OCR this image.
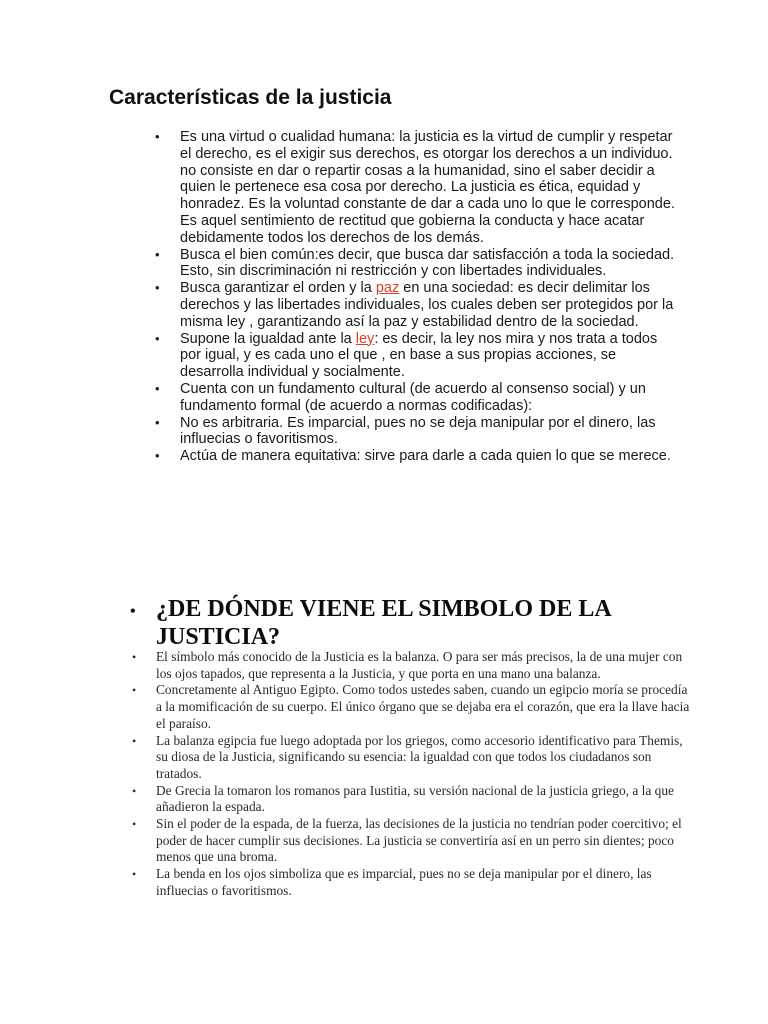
Características de la justicia
• Es una virtud o cualidad humana: la justicia es la virtud de cumplir y respetar el derecho, es el exigir sus derechos, es otorgar los derechos a un individuo. no consiste en dar o repartir cosas a la humanidad, sino el saber decidir a quien le pertenece esa cosa por derecho. La justicia es ética, equidad y honradez. Es la voluntad constante de dar a cada uno lo que le corresponde. Es aquel sentimiento de rectitud que gobierna la conducta y hace acatar debidamente todos los derechos de los demás.
• Busca el bien común:es decir, que busca dar satisfacción a toda la sociedad. Esto, sin discriminación ni restricción y con libertades individuales.
• Busca garantizar el orden y la paz en una sociedad: es decir delimitar los derechos y las libertades individuales, los cuales deben ser protegidos por la misma ley , garantizando así la paz y estabilidad dentro de la sociedad.
• Supone la igualdad ante la ley: es decir, la ley nos mira y nos trata a todos por igual, y es cada uno el que , en base a sus propias acciones, se desarrolla individual y socialmente.
• Cuenta con un fundamento cultural (de acuerdo al consenso social) y un fundamento formal (de acuerdo a normas codificadas):
• No es arbitraria. Es imparcial, pues no se deja manipular por el dinero, las influecias o favoritismos.
• Actúa de manera equitativa: sirve para darle a cada quien lo que se merece.
• ¿DE DÓNDE VIENE EL SIMBOLO DE LA JUSTICIA?
• El símbolo más conocido de la Justicia es la balanza. O para ser más precisos, la de una mujer con los ojos tapados, que representa a la Justicia, y que porta en una mano una balanza.
• Concretamente al Antiguo Egipto. Como todos ustedes saben, cuando un egipcio moría se procedía a la momificación de su cuerpo. El único órgano que se dejaba era el corazón, que era la llave hacia el paraíso.
• La balanza egipcia fue luego adoptada por los griegos, como accesorio identificativo para Themis, su diosa de la Justicia, significando su esencia: la igualdad con que todos los ciudadanos son tratados.
• De Grecia la tomaron los romanos para Iustitia, su versión nacional de la justicia griego, a la que añadieron la espada.
• Sin el poder de la espada, de la fuerza, las decisiones de la justicia no tendrían poder coercitivo; el poder de hacer cumplir sus decisiones. La justicia se convertiría así en un perro sin dientes; poco menos que una broma.
• La benda en los ojos simboliza que es imparcial, pues no se deja manipular por el dinero, las influecias o favoritismos.
